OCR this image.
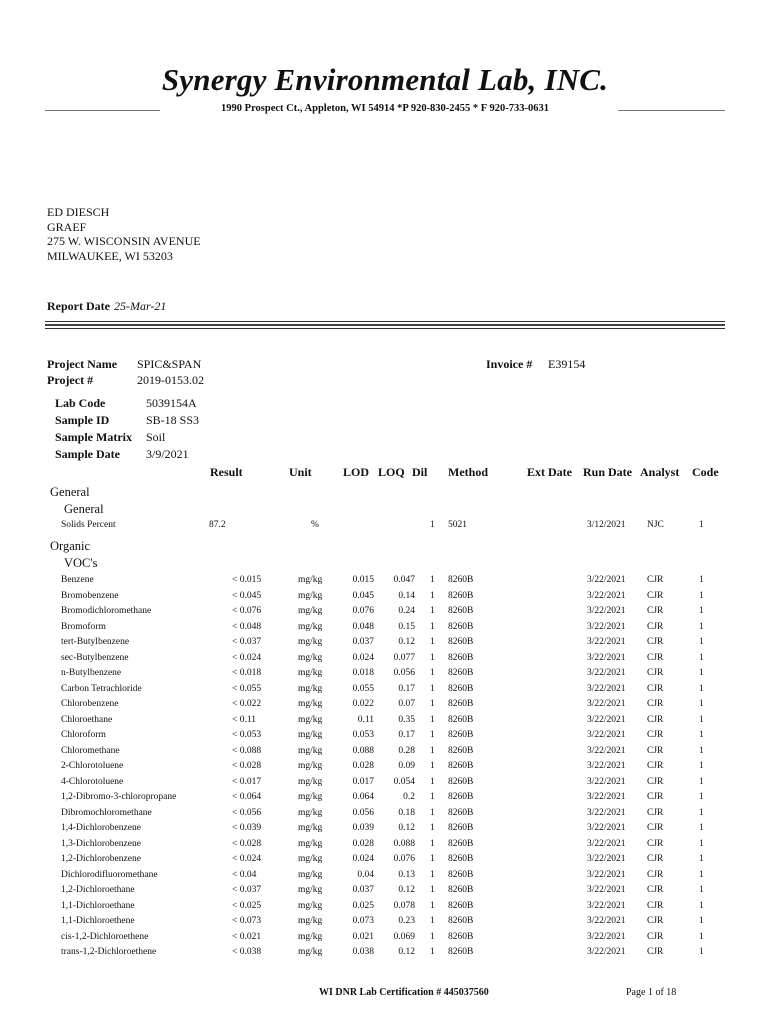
Synergy Environmental Lab, INC.
1990 Prospect Ct., Appleton, WI 54914 *P 920-830-2455 * F 920-733-0631
ED DIESCH
GRAEF
275 W. WISCONSIN AVENUE
MILWAUKEE, WI 53203
Report Date 25-Mar-21
Project Name SPIC&SPAN
Project #	2019-0153.02
Invoice # E39154
Lab Code	5039154A
Sample ID	SB-18 SS3
Sample Matrix Soil
Sample Date 3/9/2021
Result	Unit	LOD LOQ Dil Method	Ext Date Run Date Analyst Code
General
General
Solids Percent	87.2	%	1 5021	3/12/2021 NJC	1
Organic
VOC's
Benzene	< 0.015	mg/kg	0.015 0.047 1 8260B	3/22/2021 CJR	1
Bromobenzene	< 0.045	mg/kg	0.045	0.14 1 8260B	3/22/2021 CJR	1
Bromodichloromethane	< 0.076	mg/kg	0.076	0.24 1 8260B	3/22/2021 CJR	1
Bromoform	< 0.048	mg/kg	0.048	0.15 1 8260B	3/22/2021 CJR	1
tert-Butylbenzene	< 0.037	mg/kg	0.037	0.12 1 8260B	3/22/2021 CJR	1
sec-Butylbenzene	< 0.024	mg/kg	0.024 0.077 1 8260B	3/22/2021 CJR	1
n-Butylbenzene	< 0.018	mg/kg	0.018 0.056 1 8260B	3/22/2021 CJR	1
Carbon Tetrachloride	< 0.055	mg/kg	0.055	0.17 1 8260B	3/22/2021 CJR	1
Chlorobenzene	< 0.022	mg/kg	0.022	0.07 1 8260B	3/22/2021 CJR	1
Chloroethane	< 0.11	mg/kg	0.11	0.35 1 8260B	3/22/2021 CJR	1
Chloroform	< 0.053	mg/kg	0.053	0.17 1 8260B	3/22/2021 CJR	1
Chloromethane	< 0.088	mg/kg	0.088	0.28 1 8260B	3/22/2021 CJR	1
2-Chlorotoluene	< 0.028	mg/kg	0.028	0.09 1 8260B	3/22/2021 CJR	1
4-Chlorotoluene	< 0.017	mg/kg	0.017 0.054 1 8260B	3/22/2021 CJR	1
1,2-Dibromo-3-chloropropane	< 0.064	mg/kg	0.064	0.2 1 8260B	3/22/2021 CJR	1
Dibromochloromethane	< 0.056	mg/kg	0.056	0.18 1 8260B	3/22/2021 CJR	1
1,4-Dichlorobenzene	< 0.039	mg/kg	0.039	0.12 1 8260B	3/22/2021 CJR	1
1,3-Dichlorobenzene	< 0.028	mg/kg	0.028 0.088 1 8260B	3/22/2021 CJR	1
1,2-Dichlorobenzene	< 0.024	mg/kg	0.024 0.076 1 8260B	3/22/2021 CJR	1
Dichlorodifluoromethane	< 0.04	mg/kg	0.04	0.13 1 8260B	3/22/2021 CJR	1
1,2-Dichloroethane	< 0.037	mg/kg	0.037	0.12 1 8260B	3/22/2021 CJR	1
1,1-Dichloroethane	< 0.025	mg/kg	0.025 0.078 1 8260B	3/22/2021 CJR	1
1,1-Dichloroethene	< 0.073	mg/kg	0.073	0.23 1 8260B	3/22/2021 CJR	1
cis-1,2-Dichloroethene	< 0.021	mg/kg	0.021 0.069 1 8260B	3/22/2021 CJR	1
trans-1,2-Dichloroethene	< 0.038	mg/kg	0.038	0.12 1 8260B	3/22/2021 CJR	1
WI DNR Lab Certification # 445037560	Page 1 of 18
